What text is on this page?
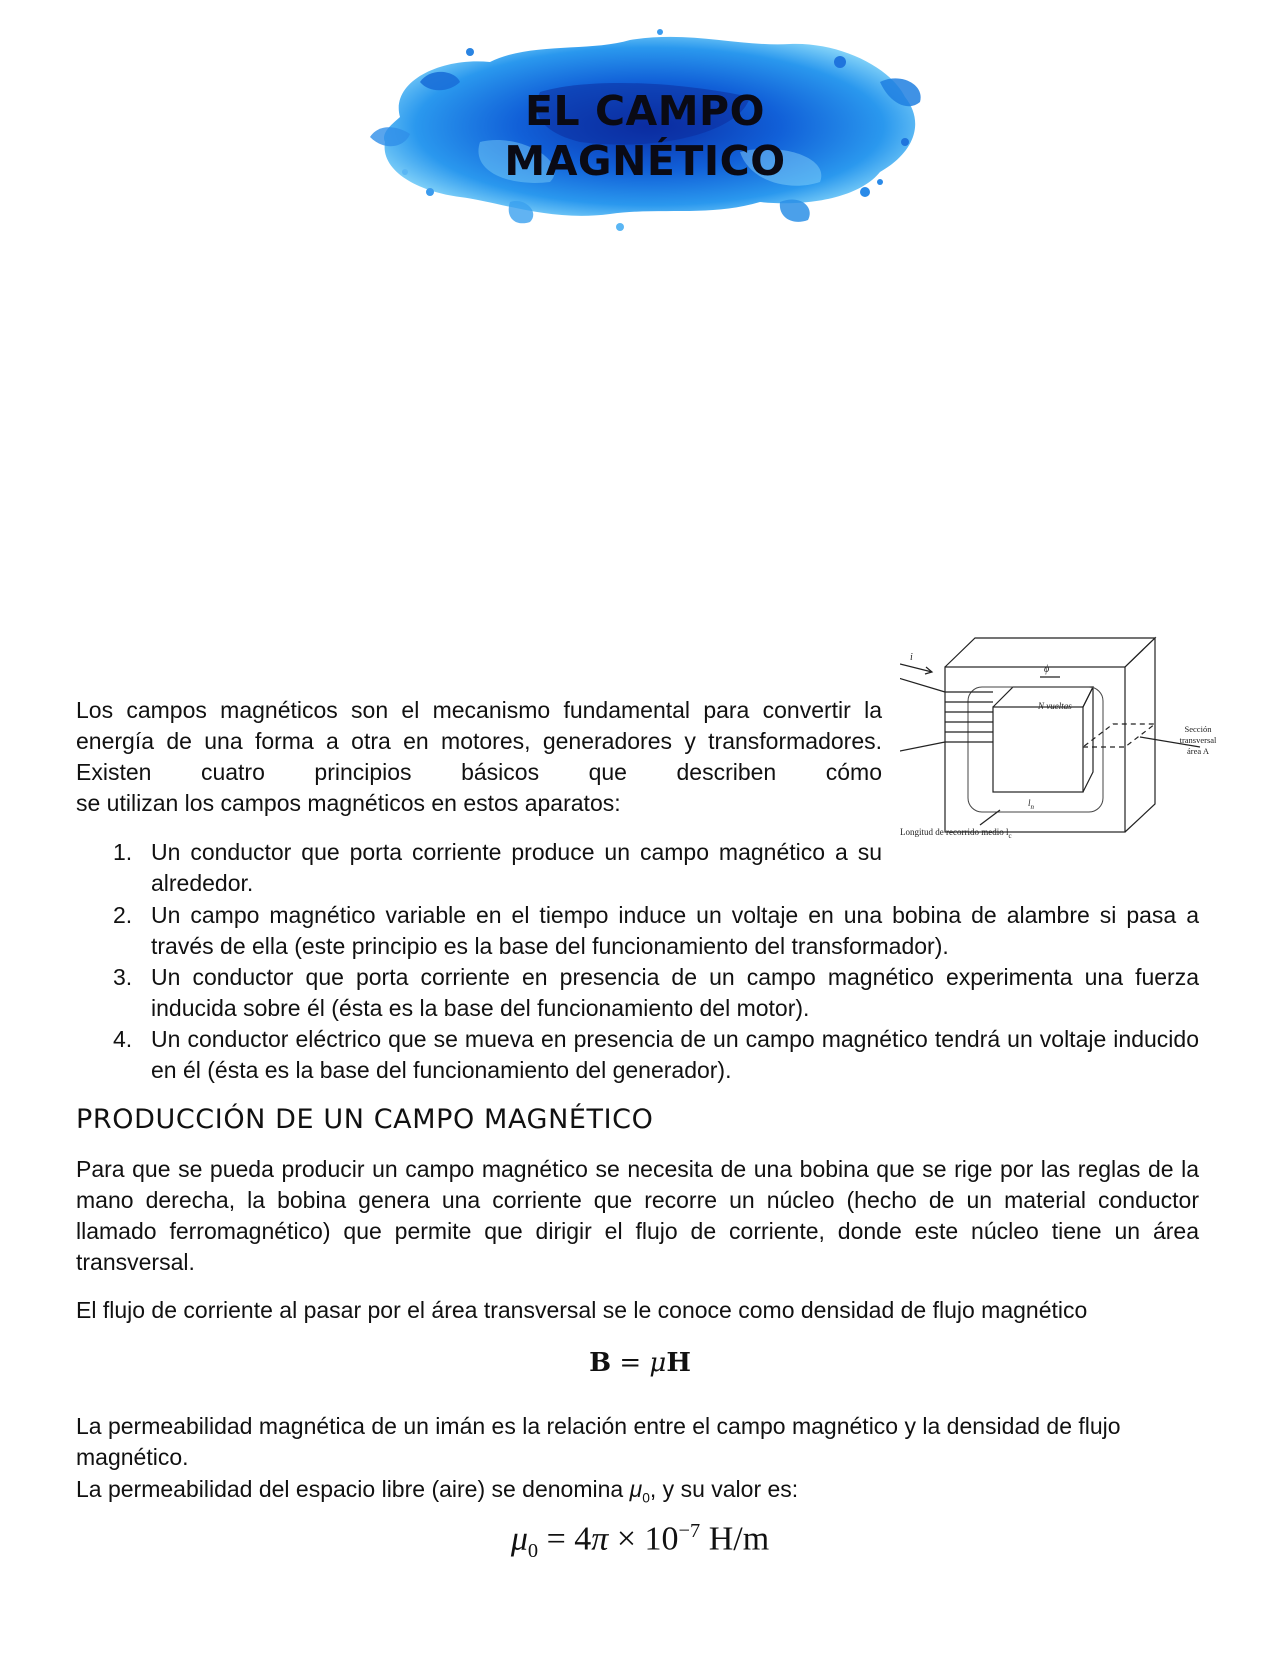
EL CAMPO
MAGNÉTICO
i
ϕ
N vueltas
$l_n$
Sección transversal área A
Longitud de recorrido medio $l_c$

Los campos magnéticos son el mecanismo fundamental para convertir la energía de una forma a otra en motores, generadores y transformadores. Existen cuatro principios básicos que describen cómo

se utilizan los campos magnéticos en estos aparatos:
1. Un conductor que porta corriente produce un campo magnético a su alrededor.
2. Un campo magnético variable en el tiempo induce un voltaje en una bobina de alambre si pasa a través de ella (este principio es la base del funcionamiento del transformador).
3. Un conductor que porta corriente en presencia de un campo magnético experimenta una fuerza inducida sobre él (ésta es la base del funcionamiento del motor).
4. Un conductor eléctrico que se mueva en presencia de un campo magnético tendrá un voltaje inducido en él (ésta es la base del funcionamiento del generador).
PRODUCCIÓN DE UN CAMPO MAGNÉTICO

Para que se pueda producir un campo magnético se necesita de una bobina que se rige por las reglas de la mano derecha, la bobina genera una corriente que recorre un núcleo (hecho de un material conductor llamado ferromagnético) que permite que dirigir el flujo de corriente, donde este núcleo tiene un área transversal.

El flujo de corriente al pasar por el área transversal se le conoce como densidad de flujo magnético

B = μH

La permeabilidad magnética de un imán es la relación entre el campo magnético y la densidad de flujo magnético.

La permeabilidad del espacio libre (aire) se denomina $\mu_0$, y su valor es:

$\mu_0 = 4\pi \times 10^{-7}$ H/m
